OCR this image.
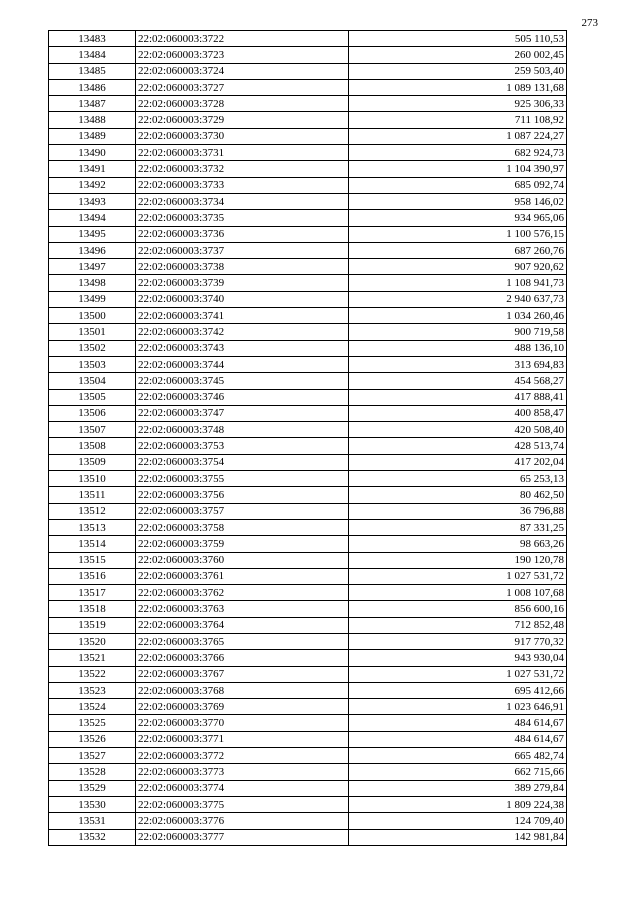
273
13483	22:02:060003:3722	505 110,53
13484	22:02:060003:3723	260 002,45
13485	22:02:060003:3724	259 503,40
13486	22:02:060003:3727	1 089 131,68
13487	22:02:060003:3728	925 306,33
13488	22:02:060003:3729	711 108,92
13489	22:02:060003:3730	1 087 224,27
13490	22:02:060003:3731	682 924,73
13491	22:02:060003:3732	1 104 390,97
13492	22:02:060003:3733	685 092,74
13493	22:02:060003:3734	958 146,02
13494	22:02:060003:3735	934 965,06
13495	22:02:060003:3736	1 100 576,15
13496	22:02:060003:3737	687 260,76
13497	22:02:060003:3738	907 920,62
13498	22:02:060003:3739	1 108 941,73
13499	22:02:060003:3740	2 940 637,73
13500	22:02:060003:3741	1 034 260,46
13501	22:02:060003:3742	900 719,58
13502	22:02:060003:3743	488 136,10
13503	22:02:060003:3744	313 694,83
13504	22:02:060003:3745	454 568,27
13505	22:02:060003:3746	417 888,41
13506	22:02:060003:3747	400 858,47
13507	22:02:060003:3748	420 508,40
13508	22:02:060003:3753	428 513,74
13509	22:02:060003:3754	417 202,04
13510	22:02:060003:3755	65 253,13
13511	22:02:060003:3756	80 462,50
13512	22:02:060003:3757	36 796,88
13513	22:02:060003:3758	87 331,25
13514	22:02:060003:3759	98 663,26
13515	22:02:060003:3760	190 120,78
13516	22:02:060003:3761	1 027 531,72
13517	22:02:060003:3762	1 008 107,68
13518	22:02:060003:3763	856 600,16
13519	22:02:060003:3764	712 852,48
13520	22:02:060003:3765	917 770,32
13521	22:02:060003:3766	943 930,04
13522	22:02:060003:3767	1 027 531,72
13523	22:02:060003:3768	695 412,66
13524	22:02:060003:3769	1 023 646,91
13525	22:02:060003:3770	484 614,67
13526	22:02:060003:3771	484 614,67
13527	22:02:060003:3772	665 482,74
13528	22:02:060003:3773	662 715,66
13529	22:02:060003:3774	389 279,84
13530	22:02:060003:3775	1 809 224,38
13531	22:02:060003:3776	124 709,40
13532	22:02:060003:3777	142 981,84
